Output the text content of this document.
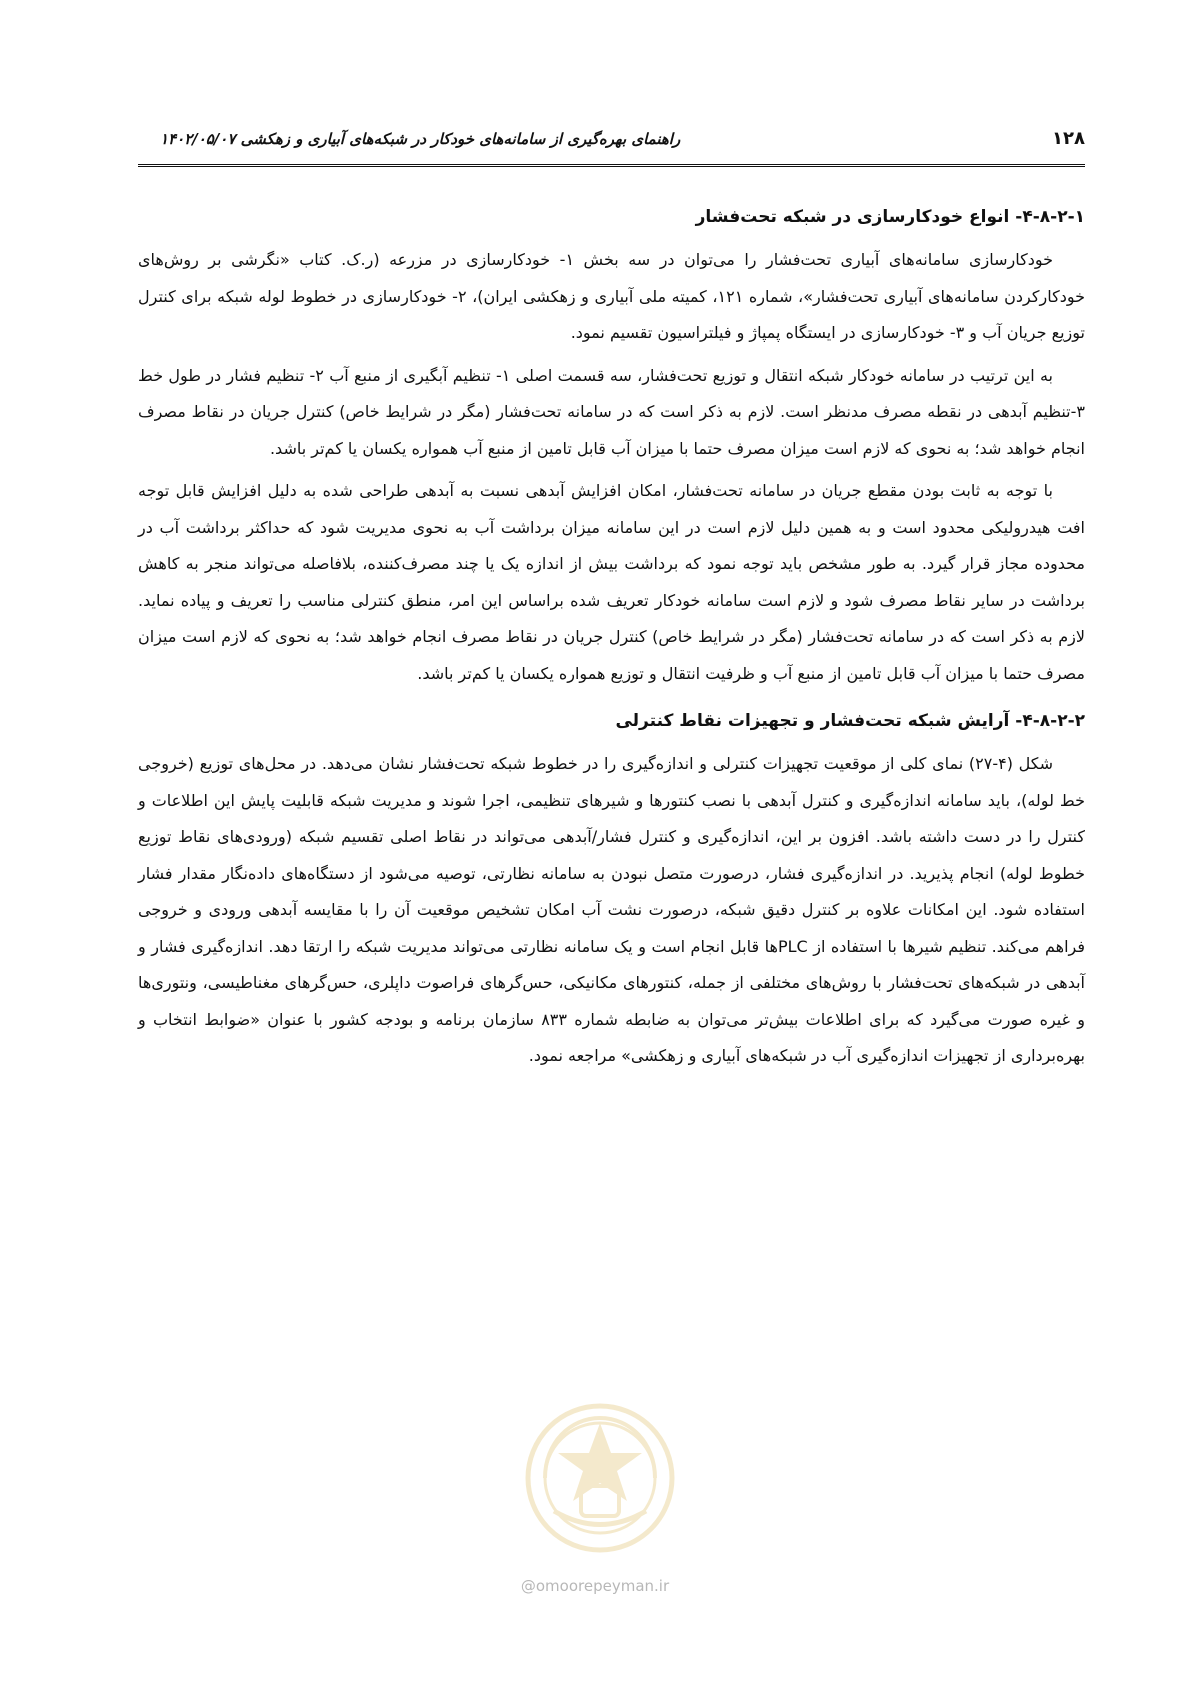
۱۲۸
راهنمای بهره‌گیری از سامانه‌های خودکار در شبکه‌های آبیاری و زهکشی ۱۴۰۲/۰۵/۰۷
۴-۸-۲-۱- انواع خودکارسازی در شبکه تحت‌فشار

خودکارسازی سامانه‌های آبیاری تحت‌فشار را می‌توان در سه بخش ۱- خودکارسازی در مزرعه (ر.ک. کتاب «نگرشی بر روش‌های خودکارکردن سامانه‌های آبیاری تحت‌فشار»، شماره ۱۲۱، کمیته ملی آبیاری و زهکشی ایران)، ۲- خودکارسازی در خطوط لوله شبکه برای کنترل توزیع جریان آب و ۳- خودکارسازی در ایستگاه پمپاژ و فیلتراسیون تقسیم نمود.

به این ترتیب در سامانه خودکار شبکه انتقال و توزیع تحت‌فشار، سه قسمت اصلی ۱- تنظیم آبگیری از منبع آب ۲- تنظیم فشار در طول خط ۳-تنظیم آبدهی در نقطه مصرف مدنظر است. لازم به ذکر است که در سامانه تحت‌فشار (مگر در شرایط خاص) کنترل جریان در نقاط مصرف انجام خواهد شد؛ به نحوی که لازم است میزان مصرف حتما با میزان آب قابل تامین از منبع آب همواره یکسان یا کم‌تر باشد.

با توجه به ثابت بودن مقطع جریان در سامانه تحت‌فشار، امکان افزایش آبدهی نسبت به آبدهی طراحی شده به دلیل افزایش قابل توجه افت هیدرولیکی محدود است و به همین دلیل لازم است در این سامانه میزان برداشت آب به نحوی مدیریت شود که حداکثر برداشت آب در محدوده مجاز قرار گیرد. به طور مشخص باید توجه نمود که برداشت بیش از اندازه یک یا چند مصرف‌کننده، بلافاصله می‌تواند منجر به کاهش برداشت در سایر نقاط مصرف شود و لازم است سامانه خودکار تعریف شده براساس این امر، منطق کنترلی مناسب را تعریف و پیاده نماید. لازم به ذکر است که در سامانه تحت‌فشار (مگر در شرایط خاص) کنترل جریان در نقاط مصرف انجام خواهد شد؛ به نحوی که لازم است میزان مصرف حتما با میزان آب قابل تامین از منبع آب و ظرفیت انتقال و توزیع همواره یکسان یا کم‌تر باشد.

۴-۸-۲-۲- آرایش شبکه تحت‌فشار و تجهیزات نقاط کنترلی

شکل (۴-۲۷) نمای کلی از موقعیت تجهیزات کنترلی و اندازه‌گیری را در خطوط شبکه تحت‌فشار نشان می‌دهد. در محل‌های توزیع (خروجی خط لوله)، باید سامانه اندازه‌گیری و کنترل آبدهی با نصب کنتورها و شیرهای تنظیمی، اجرا شوند و مدیریت شبکه قابلیت پایش این اطلاعات و کنترل را در دست داشته باشد. افزون بر این، اندازه‌گیری و کنترل فشار/آبدهی می‌تواند در نقاط اصلی تقسیم شبکه (ورودی‌های نقاط توزیع خطوط لوله) انجام پذیرید. در اندازه‌گیری فشار، درصورت متصل نبودن به سامانه نظارتی، توصیه می‌شود از دستگاه‌های داده‌نگار مقدار فشار استفاده شود. این امکانات علاوه بر کنترل دقیق شبکه، درصورت نشت آب امکان تشخیص موقعیت آن را با مقایسه آبدهی ورودی و خروجی فراهم می‌کند. تنظیم شیرها با استفاده از PLCها قابل انجام است و یک سامانه نظارتی می‌تواند مدیریت شبکه را ارتقا دهد. اندازه‌گیری فشار و آبدهی در شبکه‌های تحت‌فشار با روش‌های مختلفی از جمله، کنتورهای مکانیکی، حس‌گرهای فراصوت داپلری، حس‌گرهای مغناطیسی، ونتوری‌ها و غیره صورت می‌گیرد که برای اطلاعات بیش‌تر می‌توان به ضابطه شماره ۸۳۳ سازمان برنامه و بودجه کشور با عنوان «ضوابط انتخاب و بهره‌برداری از تجهیزات اندازه‌گیری آب در شبکه‌های آبیاری و زهکشی» مراجعه نمود.

@omoorepeyman.ir
